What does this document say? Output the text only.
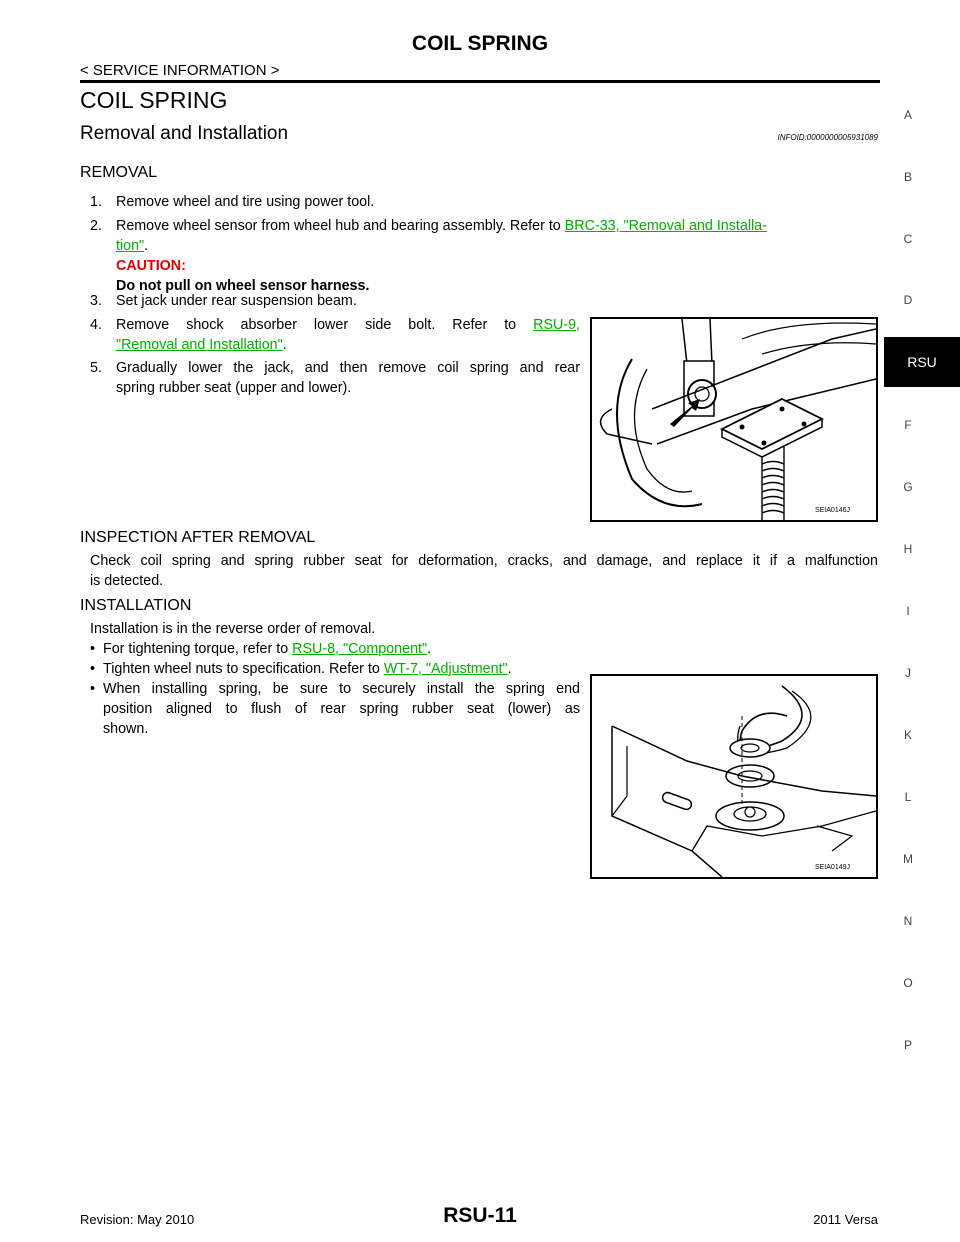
COIL SPRING
< SERVICE INFORMATION >
COIL SPRING
Removal and Installation	INFOID:0000000005931089
REMOVAL
1. Remove wheel and tire using power tool.
2. Remove wheel sensor from wheel hub and bearing assembly. Refer to BRC-33, "Removal and Installa-
tion".
CAUTION:
Do not pull on wheel sensor harness.
3. Set jack under rear suspension beam.
4. Remove shock absorber lower side bolt. Refer to RSU-9,
"Removal and Installation".
5. Gradually lower the jack, and then remove coil spring and rear
spring rubber seat (upper and lower).
SEIA0146J
INSPECTION AFTER REMOVAL
Check coil spring and spring rubber seat for deformation, cracks, and damage, and replace it if a malfunction
is detected.
INSTALLATION
Installation is in the reverse order of removal.
• For tightening torque, refer to RSU-8, "Component".
• Tighten wheel nuts to specification. Refer to WT-7, "Adjustment".
• When installing spring, be sure to securely install the spring end
position aligned to flush of rear spring rubber seat (lower) as
shown.
SEIA0149J
A
B
C
D
RSU
F
G
H
I
J
K
L
M
N
O
P
Revision: May 2010	RSU-11	2011 Versa
